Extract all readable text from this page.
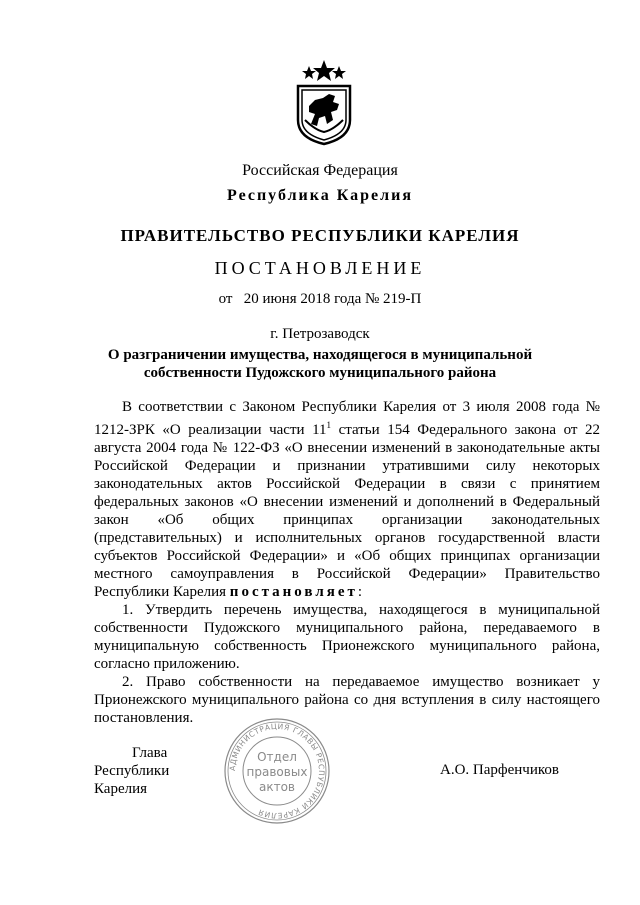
Российская Федерация
Республика Карелия
ПРАВИТЕЛЬСТВО РЕСПУБЛИКИ КАРЕЛИЯ
ПОСТАНОВЛЕНИЕ
от   20 июня 2018 года № 219-П
г. Петрозаводск
О разграничении имущества, находящегося в муниципальной
собственности Пудожского муниципального района

В соответствии с Законом Республики Карелия от 3 июля 2008 года № 1212-ЗРК «О реализации части $11^1$ статьи 154 Федерального закона от 22 августа 2004 года № 122-ФЗ «О внесении изменений в законодательные акты Российской Федерации и признании утратившими силу некоторых законодательных актов Российской Федерации в связи с принятием федеральных законов «О внесении изменений и дополнений в Федеральный закон «Об общих принципах организации законодательных (представительных) и исполнительных органов государственной власти субъектов Российской Федерации» и «Об общих принципах организации местного самоуправления в Российской Федерации» Правительство Республики Карелия постановляет:

1. Утвердить перечень имущества, находящегося в муниципальной собственности Пудожского муниципального района, передаваемого в муниципальную собственность Прионежского муниципального района, согласно приложению.

2. Право собственности на передаваемое имущество возникает у Прионежского муниципального района со дня вступления в силу настоящего постановления.

Глава
Республики Карелия
А.О. Парфенчиков
АДМИНИСТРАЦИЯ ГЛАВЫ РЕСПУБЛИКИ КАРЕЛИЯ
Отдел
правовых
актов
